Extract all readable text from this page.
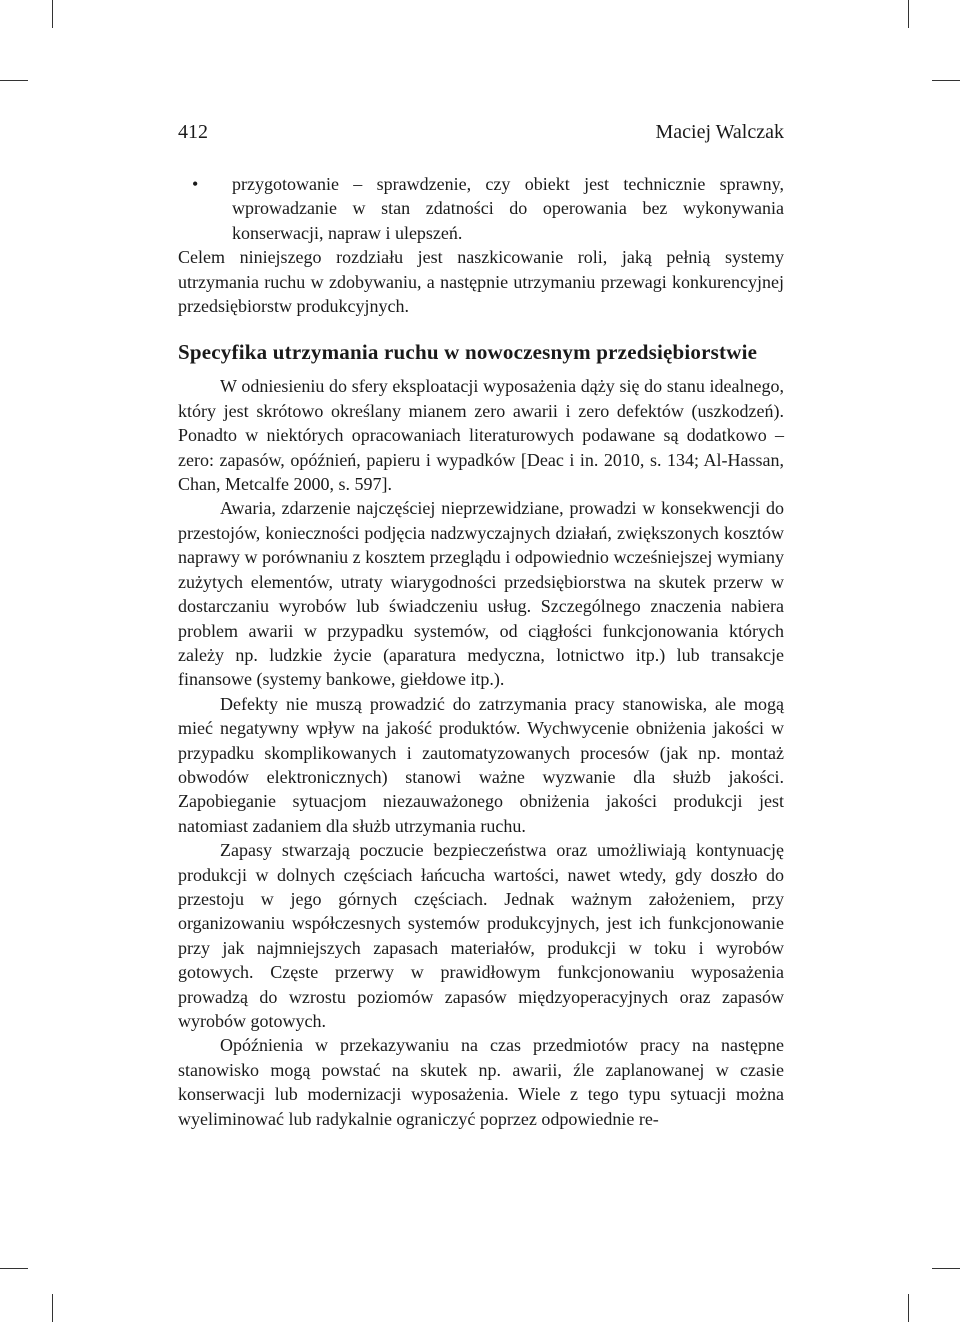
412	Maciej Walczak
• przygotowanie – sprawdzenie, czy obiekt jest technicznie sprawny, wprowadzanie w stan zdatności do operowania bez wykonywania konserwacji, napraw i ulepszeń.

Celem niniejszego rozdziału jest naszkicowanie roli, jaką pełnią systemy utrzymania ruchu w zdobywaniu, a następnie utrzymaniu przewagi konkurencyjnej przedsiębiorstw produkcyjnych.

Specyfika utrzymania ruchu w nowoczesnym przedsiębiorstwie

W odniesieniu do sfery eksploatacji wyposażenia dąży się do stanu idealnego, który jest skrótowo określany mianem zero awarii i zero defektów (uszkodzeń). Ponadto w niektórych opracowaniach literaturowych podawane są dodatkowo – zero: zapasów, opóźnień, papieru i wypadków [Deac i in. 2010, s. 134; Al-Hassan, Chan, Metcalfe 2000, s. 597].

Awaria, zdarzenie najczęściej nieprzewidziane, prowadzi w konsekwencji do przestojów, konieczności podjęcia nadzwyczajnych działań, zwiększonych kosztów naprawy w porównaniu z kosztem przeglądu i odpowiednio wcześniejszej wymiany zużytych elementów, utraty wiarygodności przedsiębiorstwa na skutek przerw w dostarczaniu wyrobów lub świadczeniu usług. Szczególnego znaczenia nabiera problem awarii w przypadku systemów, od ciągłości funkcjonowania których zależy np. ludzkie życie (aparatura medyczna, lotnictwo itp.) lub transakcje finansowe (systemy bankowe, giełdowe itp.).

Defekty nie muszą prowadzić do zatrzymania pracy stanowiska, ale mogą mieć negatywny wpływ na jakość produktów. Wychwycenie obniżenia jakości w przypadku skomplikowanych i zautomatyzowanych procesów (jak np. montaż obwodów elektronicznych) stanowi ważne wyzwanie dla służb jakości. Zapobieganie sytuacjom niezauważonego obniżenia jakości produkcji jest natomiast zadaniem dla służb utrzymania ruchu.

Zapasy stwarzają poczucie bezpieczeństwa oraz umożliwiają kontynuację produkcji w dolnych częściach łańcucha wartości, nawet wtedy, gdy doszło do przestoju w jego górnych częściach. Jednak ważnym założeniem, przy organizowaniu współczesnych systemów produkcyjnych, jest ich funkcjonowanie przy jak najmniejszych zapasach materiałów, produkcji w toku i wyrobów gotowych. Częste przerwy w prawidłowym funkcjonowaniu wyposażenia prowadzą do wzrostu poziomów zapasów międzyoperacyjnych oraz zapasów wyrobów gotowych.

Opóźnienia w przekazywaniu na czas przedmiotów pracy na następne stanowisko mogą powstać na skutek np. awarii, źle zaplanowanej w czasie konserwacji lub modernizacji wyposażenia. Wiele z tego typu sytuacji można wyeliminować lub radykalnie ograniczyć poprzez odpowiednie re-
